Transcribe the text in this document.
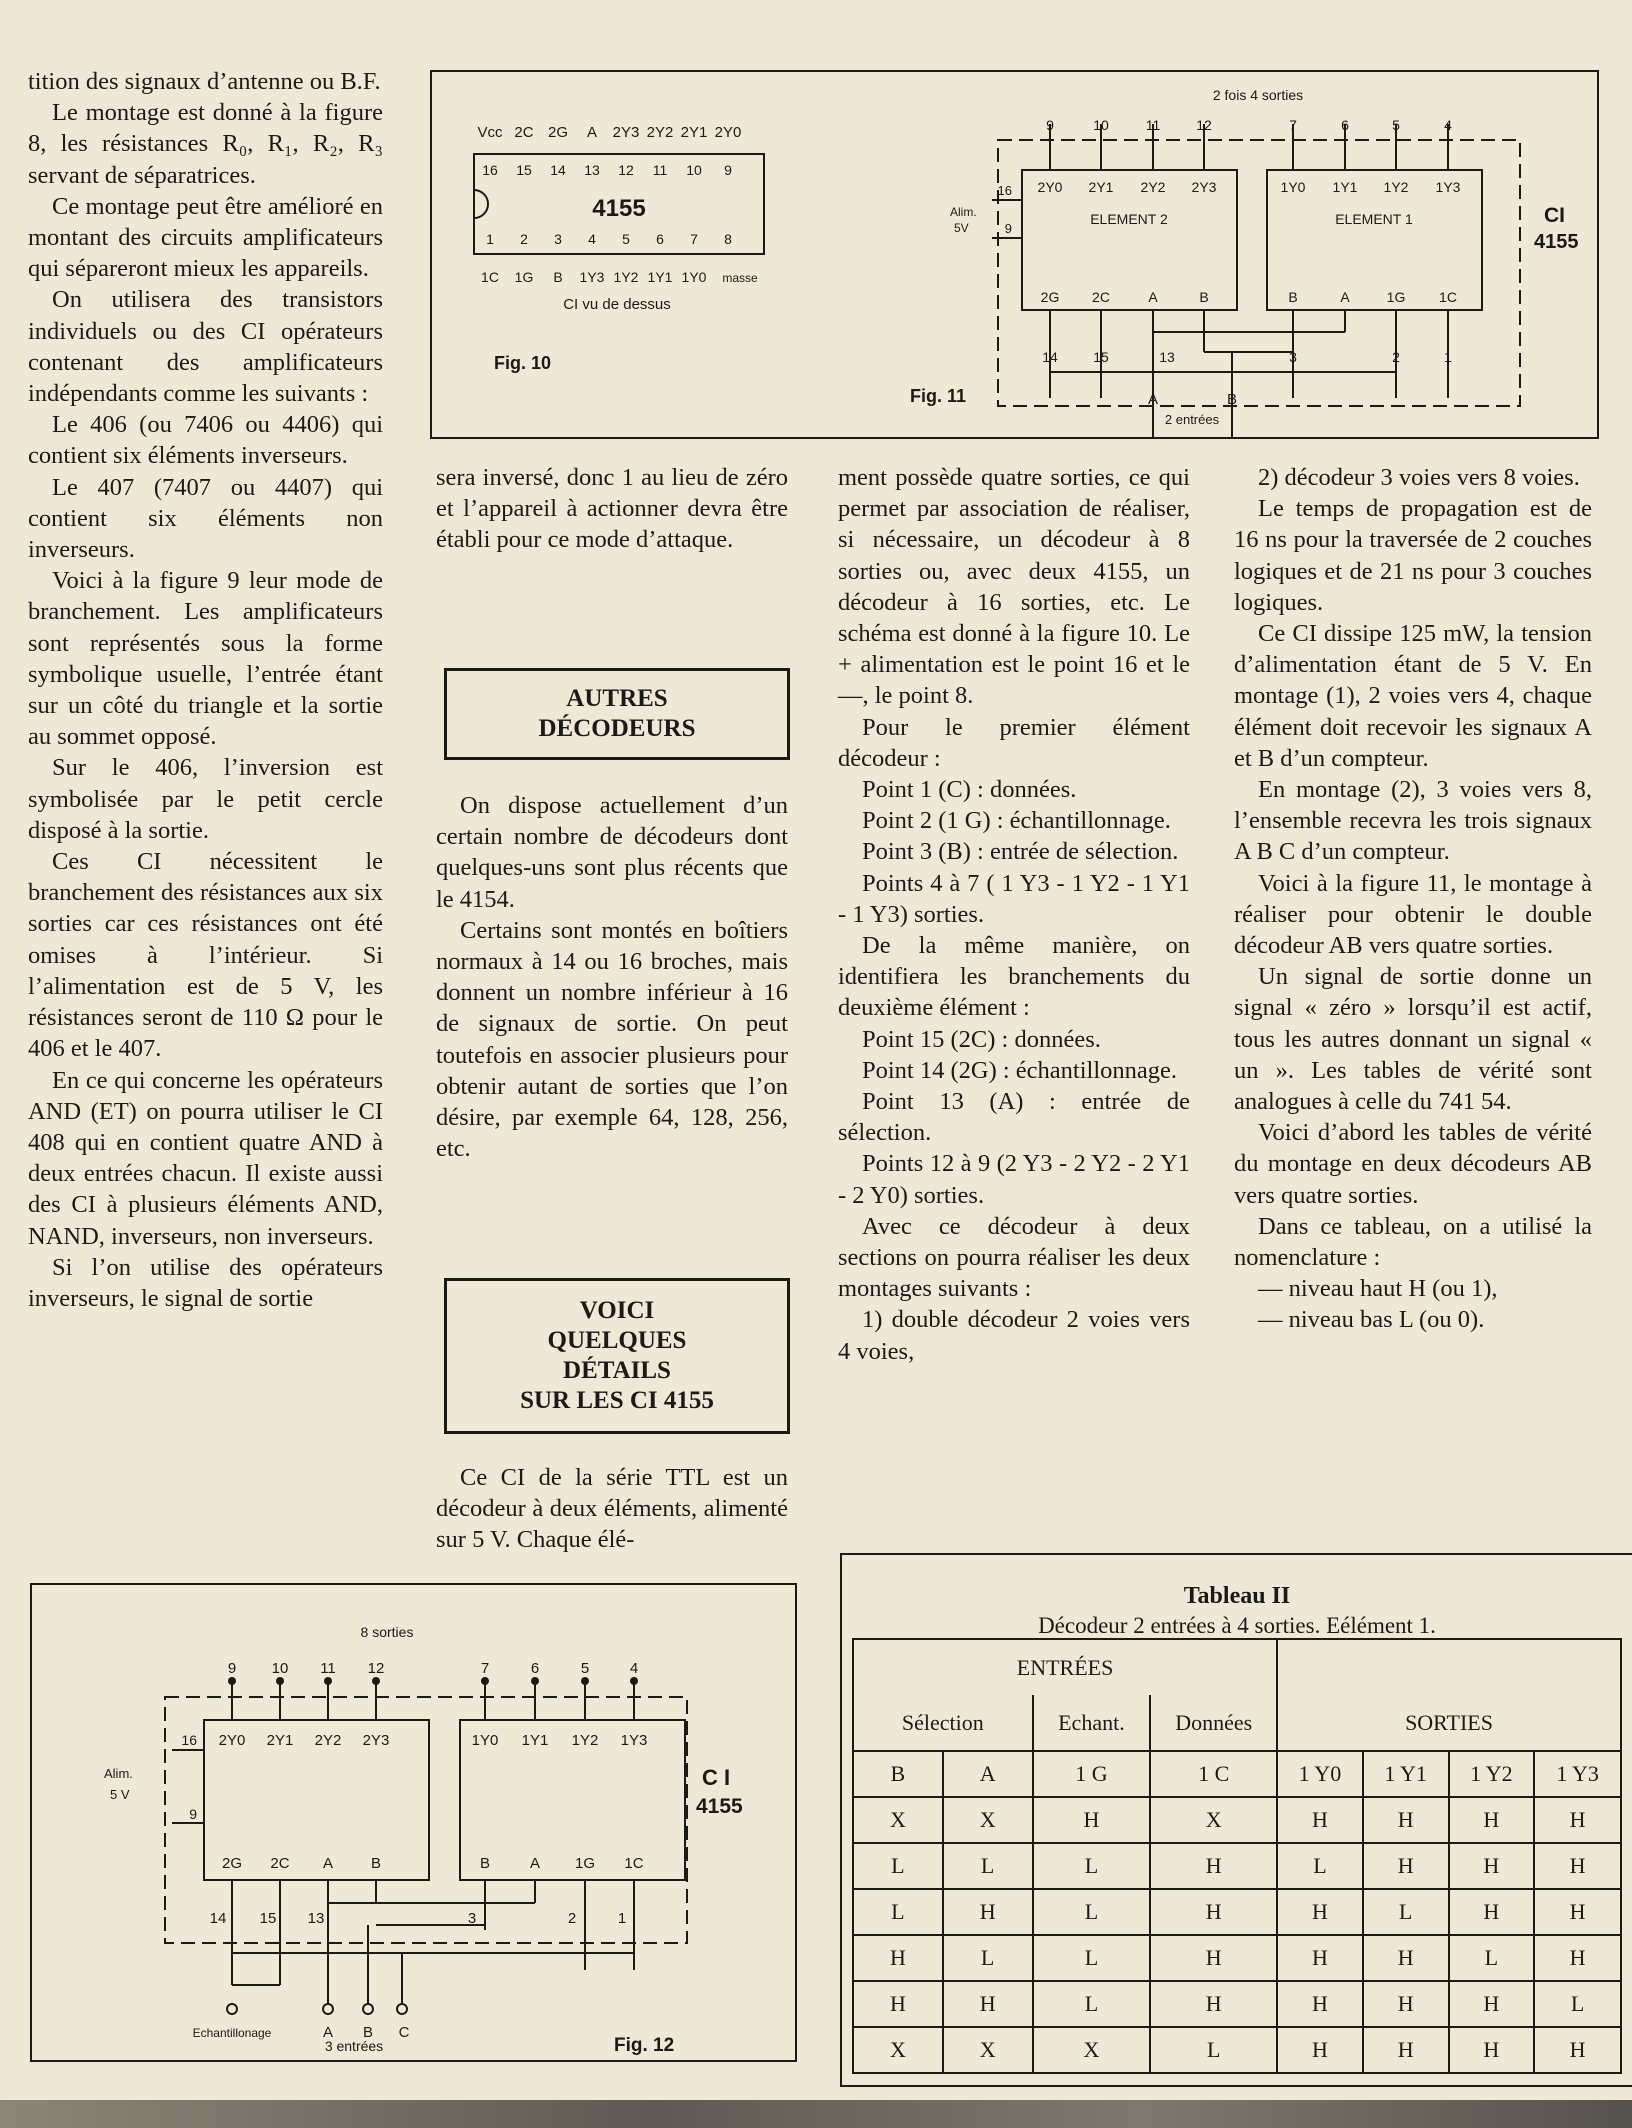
tition des signaux d’antenne ou B.F.

Le montage est donné à la figure 8, les résistances R₀, R₁, R₂, R₃ servant de séparatrices.

Ce montage peut être amélioré en montant des circuits amplificateurs qui sépareront mieux les appareils.

On utilisera des transistors individuels ou des CI opérateurs contenant des amplificateurs indépendants comme les suivants :

Le 406 (ou 7406 ou 4406) qui contient six éléments inverseurs.

Le 407 (7407 ou 4407) qui contient six éléments non inverseurs.

Voici à la figure 9 leur mode de branchement. Les amplificateurs sont représentés sous la forme symbolique usuelle, l’entrée étant sur un côté du triangle et la sortie au sommet opposé.

Sur le 406, l’inversion est symbolisée par le petit cercle disposé à la sortie.

Ces CI nécessitent le branchement des résistances aux six sorties car ces résistances ont été omises à l’intérieur. Si l’alimentation est de 5 V, les résistances seront de 110 Ω pour le 406 et le 407.

En ce qui concerne les opérateurs AND (ET) on pourra utiliser le CI 408 qui en contient quatre AND à deux entrées chacun. Il existe aussi des CI à plusieurs éléments AND, NAND, inverseurs, non inverseurs.

Si l’on utilise des opérateurs inverseurs, le signal de sortie

sera inversé, donc 1 au lieu de zéro et l’appareil à actionner devra être établi pour ce mode d’attaque.

AUTRES
DÉCODEURS

On dispose actuellement d’un certain nombre de décodeurs dont quelques-uns sont plus récents que le 4154.

Certains sont montés en boîtiers normaux à 14 ou 16 broches, mais donnent un nombre inférieur à 16 de signaux de sortie. On peut toutefois en associer plusieurs pour obtenir autant de sorties que l’on désire, par exemple 64, 128, 256, etc.

VOICI
QUELQUES
DÉTAILS
SUR LES CI 4155

Ce CI de la série TTL est un décodeur à deux éléments, alimenté sur 5 V. Chaque élé-

ment possède quatre sorties, ce qui permet par association de réaliser, si nécessaire, un décodeur à 8 sorties ou, avec deux 4155, un décodeur à 16 sorties, etc. Le schéma est donné à la figure 10. Le + alimentation est le point 16 et le —, le point 8.

Pour le premier élément décodeur :

Point 1 (C) : données.

Point 2 (1 G) : échantillonnage.

Point 3 (B) : entrée de sélection.

Points 4 à 7 ( 1 Y3 - 1 Y2 - 1 Y1 - 1 Y3) sorties.

De la même manière, on identifiera les branchements du deuxième élément :

Point 15 (2C) : données.

Point 14 (2G) : échantillonnage.

Point 13 (A) : entrée de sélection.

Points 12 à 9 (2 Y3 - 2 Y2 - 2 Y1 - 2 Y0) sorties.

Avec ce décodeur à deux sections on pourra réaliser les deux montages suivants :

1) double décodeur 2 voies vers 4 voies,

2) décodeur 3 voies vers 8 voies.

Le temps de propagation est de 16 ns pour la traversée de 2 couches logiques et de 21 ns pour 3 couches logiques.

Ce CI dissipe 125 mW, la tension d’alimentation étant de 5 V. En montage (1), 2 voies vers 4, chaque élément doit recevoir les signaux A et B d’un compteur.

En montage (2), 3 voies vers 8, l’ensemble recevra les trois signaux A B C d’un compteur.

Voici à la figure 11, le montage à réaliser pour obtenir le double décodeur AB vers quatre sorties.

Un signal de sortie donne un signal « zéro » lorsqu’il est actif, tous les autres donnant un signal « un ». Les tables de vérité sont analogues à celle du 741 54.

Voici d’abord les tables de vérité du montage en deux décodeurs AB vers quatre sorties.

Dans ce tableau, on a utilisé la nomenclature :

— niveau haut H (ou 1),

— niveau bas L (ou 0).

4155
Vcc 2C 2G A 2Y3 2Y2 2Y1 2Y0
16 15 14 13 12 11 10 9
1 2 3 4 5 6 7 8
1C 1G B 1Y3 1Y2 1Y1 1Y0 masse
CI vu de dessus
Fig. 10
2 fois 4 sorties
9	10	11	12	7	6	5	4
Alim.
5V
16
9
2Y0 2Y1 2Y2 2Y3
ELEMENT 2
2G 2C	A	B
1Y0 1Y1 1Y2 1Y3
ELEMENT 1
B	A	1G 1C
14	15	13	3	2	1
CI
4155
A	B
2 entrées
Fig. 11
8 sorties
9 10 11 12	7	6	5	4
Alim.
5 V
16
9
2Y0 2Y1 2Y2 2Y3
2G 2C A	B
1Y0 1Y1 1Y2 1Y3
B	A 1G 1C
14 15 13	3	2	1
C I
4155
Echantillonage	A B C
3 entrées	Fig. 12
Tableau II
Décodeur 2 entrées à 4 sorties. Eélément 1.
ENTRÉES							
Sélection		Echant.	Données	SORTIES			
B	A	1 G	1 C	1 Y0	1 Y1	1 Y2	1 Y3
X	X	H	X	H	H	H	H
L	L	L	H	L	H	H	H
L	H	L	H	H	L	H	H
H	L	L	H	H	H	L	H
H	H	L	H	H	H	H	L
X	X	X	L	H	H	H	H
